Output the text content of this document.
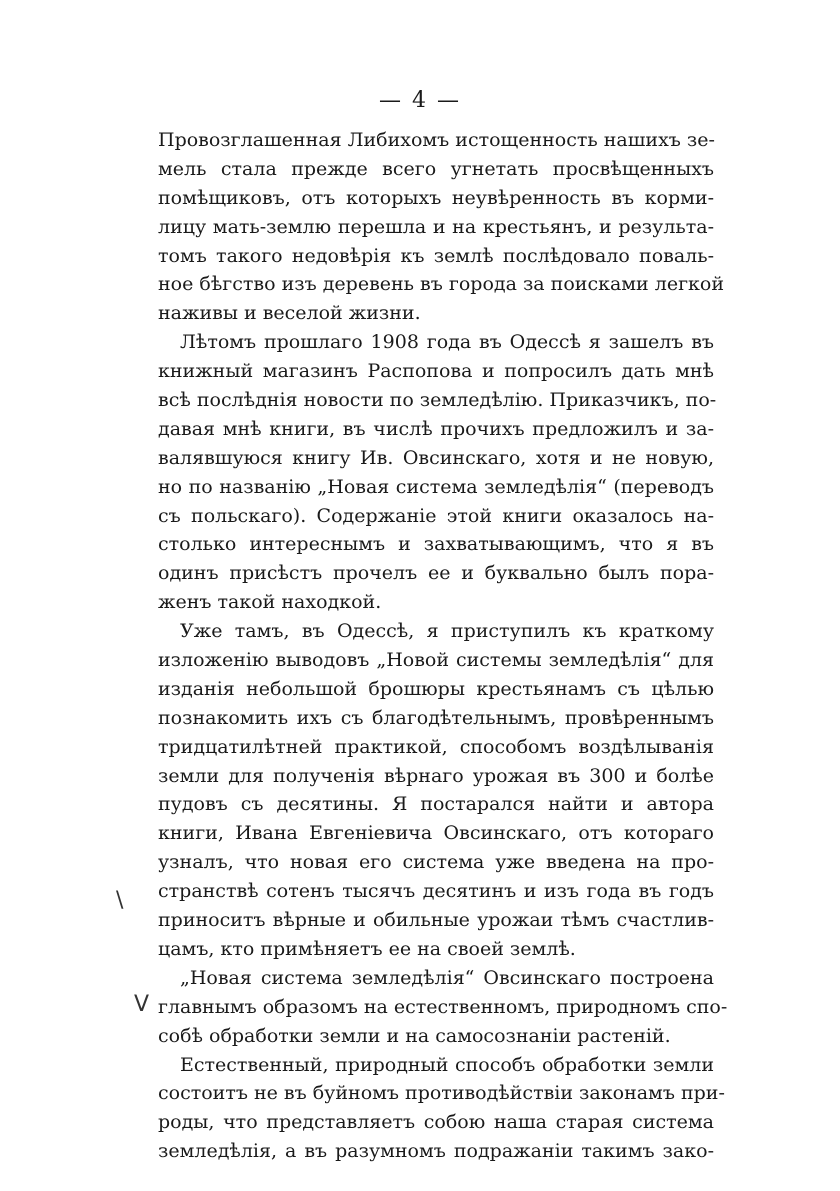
— 4 —
Провозглашенная Либихомъ истощенность нашихъ зе-
мель стала прежде всего угнетать просвѣщенныхъ
помѣщиковъ, отъ которыхъ неувѣренность въ корми-
лицу мать-землю перешла и на крестьянъ, и результа-
томъ такого недовѣрія къ землѣ послѣдовало поваль-
ное бѣгство изъ деревень въ города за поисками легкой
наживы и веселой жизни.
Лѣтомъ прошлаго 1908 года въ Одессѣ я зашелъ въ
книжный магазинъ Распопова и попросилъ дать мнѣ
всѣ послѣднія новости по земледѣлію. Приказчикъ, по-
давая мнѣ книги, въ числѣ прочихъ предложилъ и за-
валявшуюся книгу Ив. Овсинскаго, хотя и не новую,
но по названію „Новая система земледѣлія“ (переводъ
съ польскаго). Содержаніе этой книги оказалось на-
столько интереснымъ и захватывающимъ, что я въ
одинъ присѣстъ прочелъ ее и буквально былъ пора-
женъ такой находкой.
Уже тамъ, въ Одессѣ, я приступилъ къ краткому
изложенію выводовъ „Новой системы земледѣлія“ для
изданія небольшой брошюры крестьянамъ съ цѣлью
познакомить ихъ съ благодѣтельнымъ, провѣреннымъ
тридцатилѣтней практикой, способомъ воздѣлыванія
земли для полученія вѣрнаго урожая въ 300 и болѣе
пудовъ съ десятины. Я постарался найти и автора
книги, Ивана Евгеніевича Овсинскаго, отъ котораго
узналъ, что новая его система уже введена на про-
странствѣ сотенъ тысячъ десятинъ и изъ года въ годъ
приноситъ вѣрные и обильные урожаи тѣмъ счастлив-
цамъ, кто примѣняетъ ее на своей землѣ.
„Новая система земледѣлія“ Овсинскаго построена
главнымъ образомъ на естественномъ, природномъ спо-
собѣ обработки земли и на самосознаніи растеній.
Естественный, природный способъ обработки земли
состоитъ не въ буйномъ противодѣйствіи законамъ при-
роды, что представляетъ собою наша старая система
земледѣлія, а въ разумномъ подражаніи такимъ зако-
\
V
